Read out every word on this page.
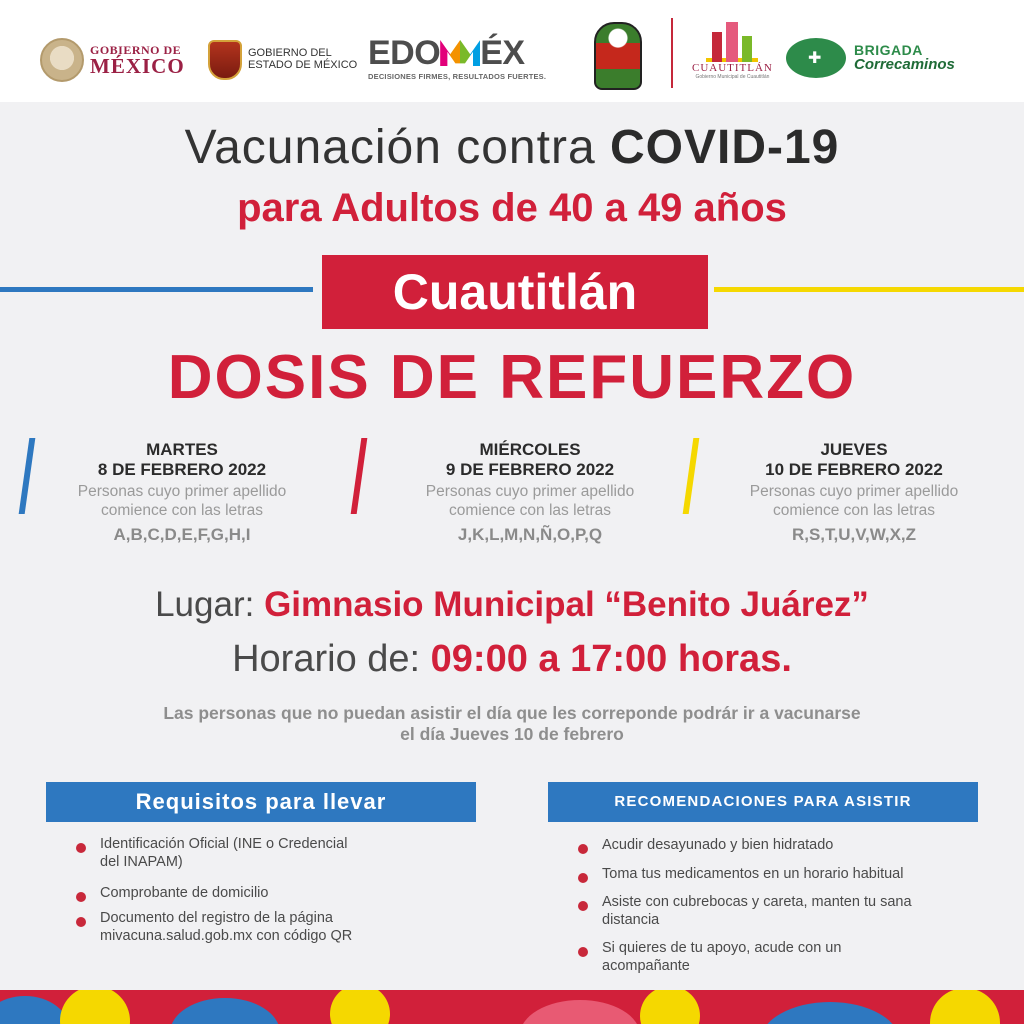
GOBIERNO DE
MÉXICO
GOBIERNO DEL
ESTADO DE MÉXICO EDO ÉX
DECISIONES FIRMES, RESULTADOS FUERTES.
CUAUTITLÁN
Gobierno Municipal de Cuautitlán
✚
BRIGADA
Correcaminos
Vacunación contra COVID-19
para Adultos de 40 a 49 años
Cuautitlán
DOSIS DE REFUERZO
MARTES
8 DE FEBRERO 2022
Personas cuyo primer apellido
comience con las letras
A,B,C,D,E,F,G,H,I
MIÉRCOLES
9 DE FEBRERO 2022
Personas cuyo primer apellido
comience con las letras
J,K,L,M,N,Ñ,O,P,Q
JUEVES
10 DE FEBRERO 2022
Personas cuyo primer apellido
comience con las letras
R,S,T,U,V,W,X,Z
Lugar: Gimnasio Municipal “Benito Juárez”
Horario de: 09:00 a 17:00 horas.
Las personas que no puedan asistir el día que les correponde podrár ir a vacunarse
el día Jueves 10 de febrero
Requisitos para llevar
Identificación Oficial (INE o Credencial
del INAPAM)
Comprobante de domicilio
Documento del registro de la página
mivacuna.salud.gob.mx con código QR
RECOMENDACIONES PARA ASISTIR
Acudir desayunado y bien hidratado
Toma tus medicamentos en un horario habitual
Asiste con cubrebocas y careta, manten tu sana
distancia
Si quieres de tu apoyo, acude con un
acompañante
